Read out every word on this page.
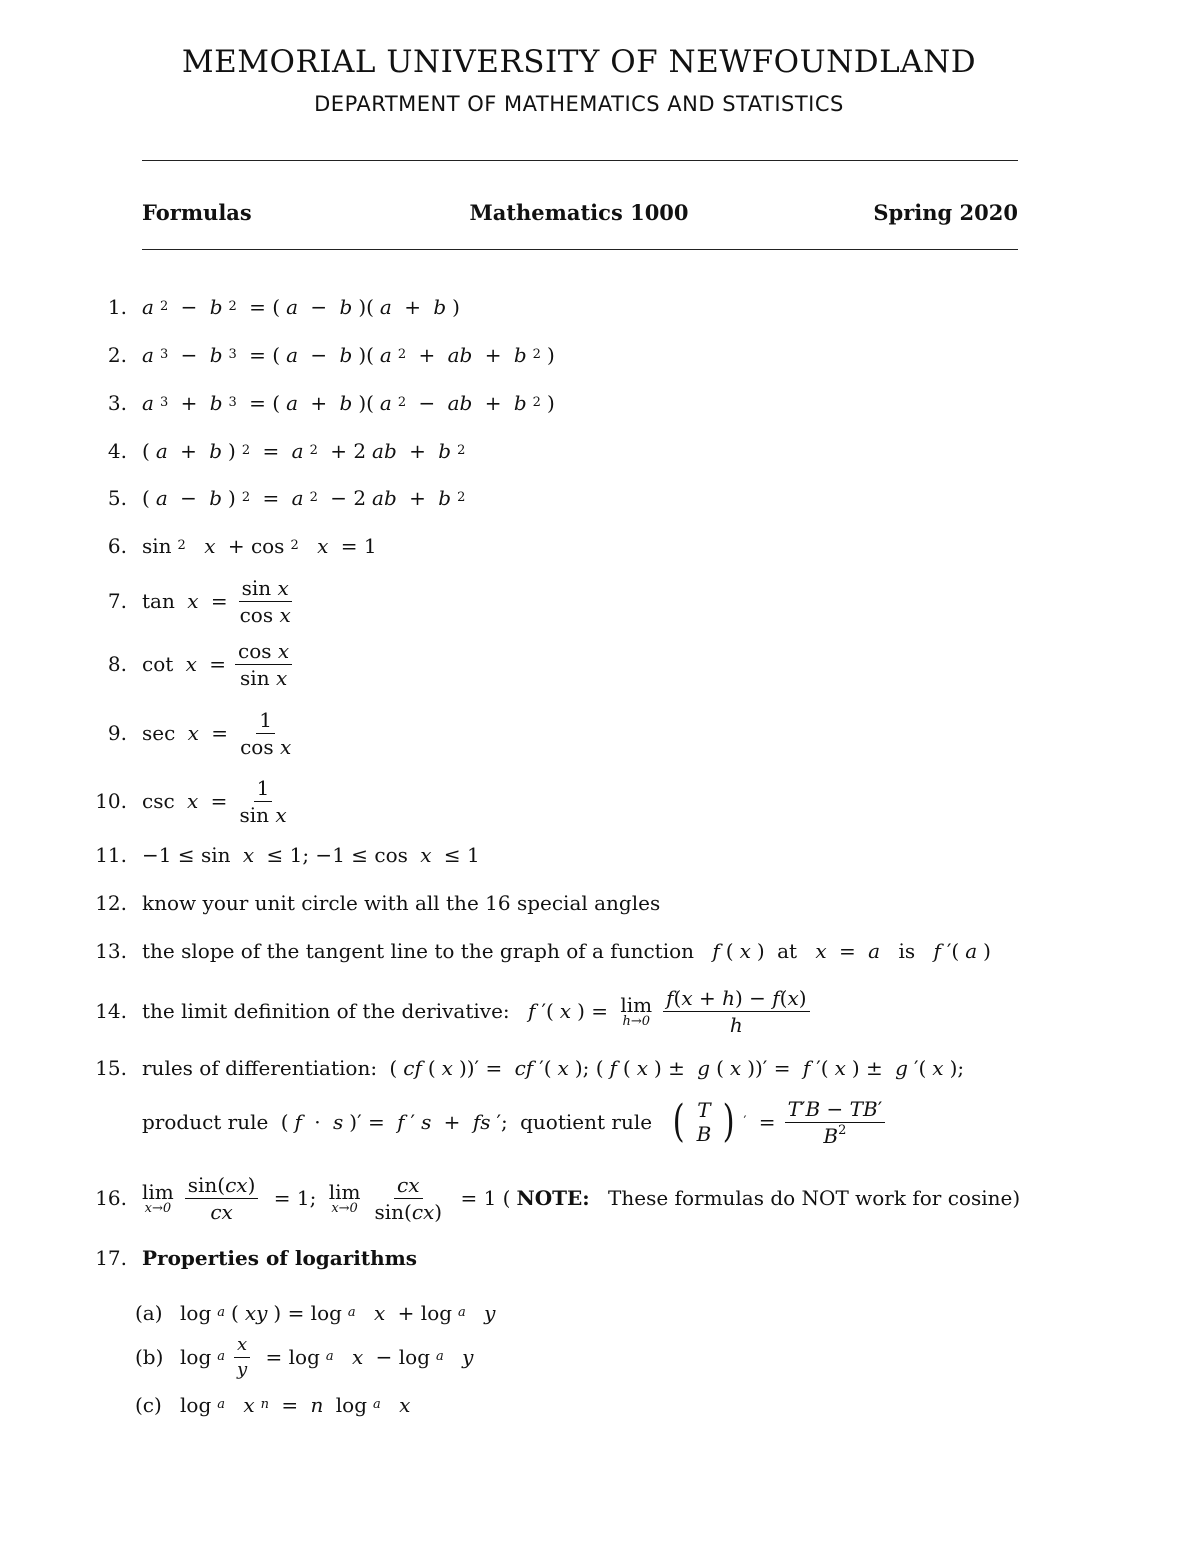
MEMORIAL UNIVERSITY OF NEWFOUNDLAND
DEPARTMENT OF MATHEMATICS AND STATISTICS
Formulas	Mathematics 1000	Spring 2020
1. a 2 − b 2 = ( a − b )( a + b )
2. a 3 − b 3 = ( a − b )( a 2 + ab + b 2 )
3. a 3 + b 3 = ( a + b )( a 2 − ab + b 2 )
4. ( a + b ) 2 = a 2 + 2 ab + b 2
5. ( a − b ) 2 = a 2 − 2 ab + b 2
6. sin 2
x + cos 2
x = 1
7. $\tan x = \frac{\text{sin x}}{\text{cos x}}$
8. $\cot x = \frac{\text{cos x}}{\text{sin x}}$
9. $\sec x = \frac{1}{\text{cos x}}$
10. $\csc x = \frac{1}{\text{sin x}}$
11. −1 ≤ sin x ≤ 1; −1 ≤ cos x ≤ 1
12. know your unit circle with all the 16 special angles
13. the slope of the tangent line to the graph of a function
f ( x ) at
x = a
is
f ′( a )
14. the limit definition of the derivative:
f ′( x ) = lim
$h\to 0 \frac{f(x + h) - f(x)}{h}$
15. rules of differentiation: ( cf ( x ))′ = cf ′( x ); ( f ( x ) ± g ( x ))′ = f ′( x ) ± g ′( x );
product rule ( f · s )′ = f ′ s + fs ′; quotient rule
( T
B ) ′ = $\frac{T'B - TB'}{B^2}$
16. lim
$x\to 0 \frac{\sin(cx)}{cx} = 1$; lim
$x\to 0 \frac{cx}{\sin(cx)} = 1$ ( NOTE:
These formulas do NOT work for cosine)
17. Properties of logarithms
(a) log a ( xy ) = log a
x + log a
y
(b) log a $\frac{x}{y} = \log a$
x − log a
y
(c) log a
x n = n log a
x
